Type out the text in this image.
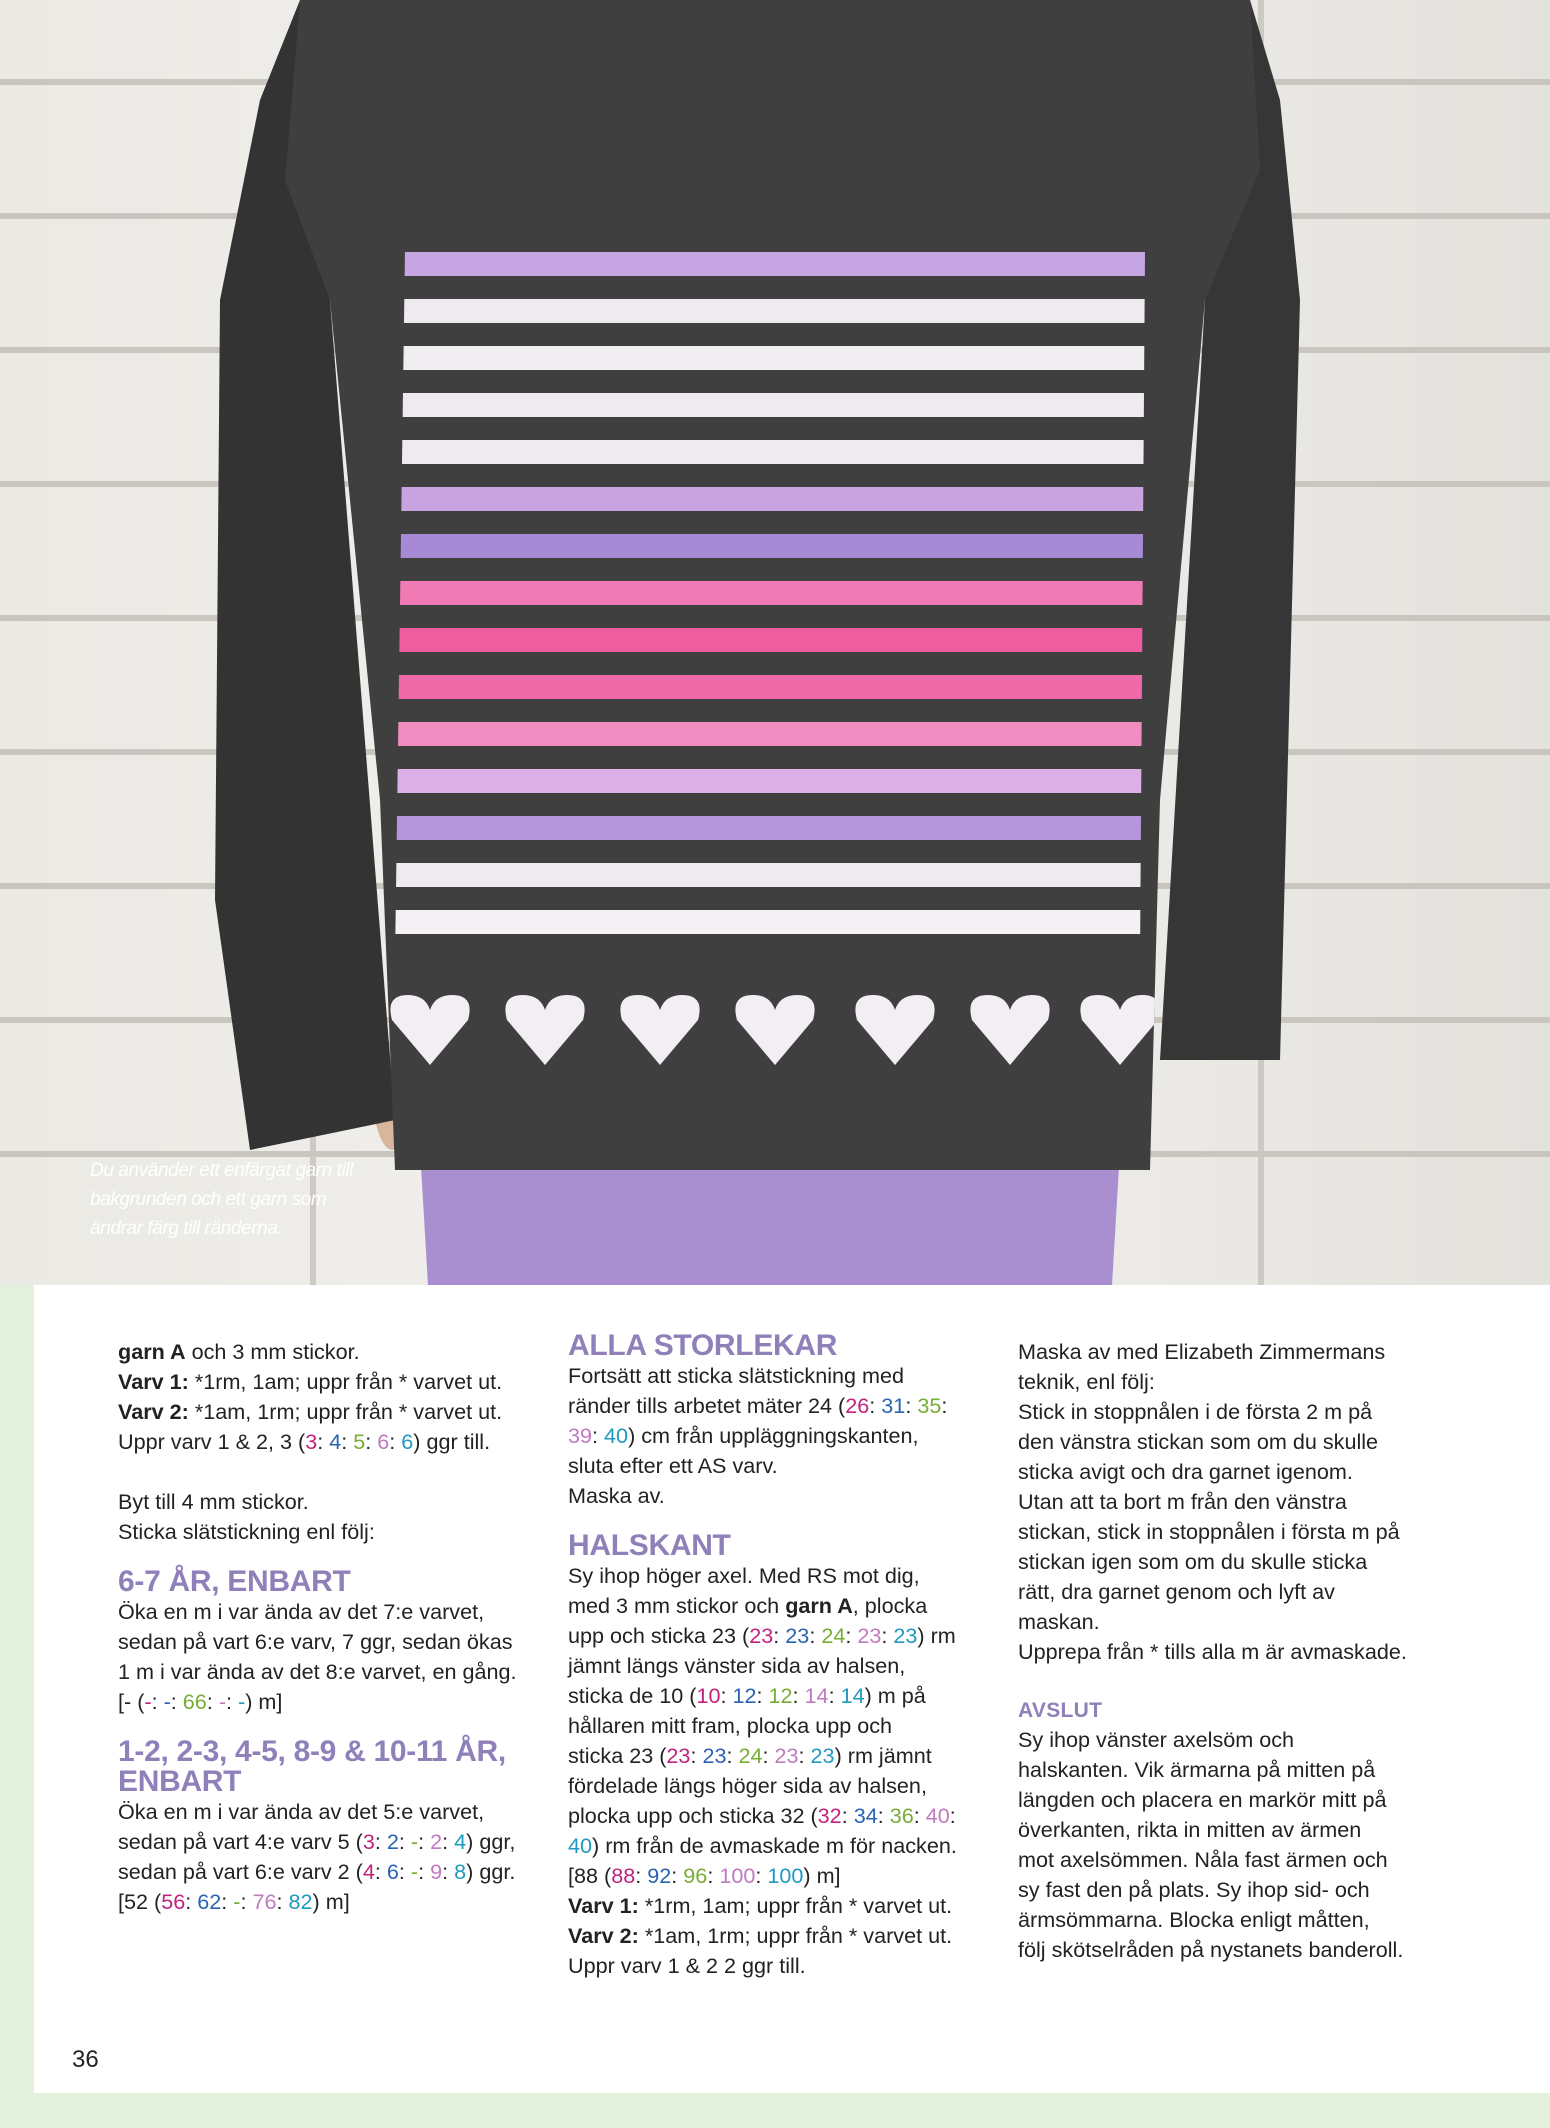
Du använder ett enfärgat garn till
bakgrunden och ett garn som
ändrar färg till ränderna.

garn A och 3 mm stickor.

Varv 1: *1rm, 1am; uppr från * varvet ut.

Varv 2: *1am, 1rm; uppr från * varvet ut.

Uppr varv 1 & 2, 3 (3: 4: 5: 6: 6) ggr till.

Byt till 4 mm stickor.

Sticka slätstickning enl följ:

6-7 ÅR, ENBART

Öka en m i var ända av det 7:e varvet,

sedan på vart 6:e varv, 7 ggr, sedan ökas

1 m i var ända av det 8:e varvet, en gång.

[- (-: -: 66: -: -) m]

1-2, 2-3, 4-5, 8-9 & 10-11 ÅR,

ENBART

Öka en m i var ända av det 5:e varvet,

sedan på vart 4:e varv 5 (3: 2: -: 2: 4) ggr,

sedan på vart 6:e varv 2 (4: 6: -: 9: 8) ggr.

[52 (56: 62: -: 76: 82) m]

ALLA STORLEKAR

Fortsätt att sticka slätstickning med

ränder tills arbetet mäter 24 (26: 31: 35:

39: 40) cm från uppläggningskanten,

sluta efter ett AS varv.

Maska av.

HALSKANT

Sy ihop höger axel. Med RS mot dig,

med 3 mm stickor och garn A, plocka

upp och sticka 23 (23: 23: 24: 23: 23) rm

jämnt längs vänster sida av halsen,

sticka de 10 (10: 12: 12: 14: 14) m på

hållaren mitt fram, plocka upp och

sticka 23 (23: 23: 24: 23: 23) rm jämnt

fördelade längs höger sida av halsen,

plocka upp och sticka 32 (32: 34: 36: 40:

40) rm från de avmaskade m för nacken.

[88 (88: 92: 96: 100: 100) m]

Varv 1: *1rm, 1am; uppr från * varvet ut.

Varv 2: *1am, 1rm; uppr från * varvet ut.

Uppr varv 1 & 2 2 ggr till.

Maska av med Elizabeth Zimmermans

teknik, enl följ:

Stick in stoppnålen i de första 2 m på

den vänstra stickan som om du skulle

sticka avigt och dra garnet igenom.

Utan att ta bort m från den vänstra

stickan, stick in stoppnålen i första m på

stickan igen som om du skulle sticka

rätt, dra garnet genom och lyft av

maskan.

Upprepa från * tills alla m är avmaskade.

AVSLUT

Sy ihop vänster axelsöm och

halskanten. Vik ärmarna på mitten på

längden och placera en markör mitt på

överkanten, rikta in mitten av ärmen

mot axelsömmen. Nåla fast ärmen och

sy fast den på plats. Sy ihop sid- och

ärmsömmarna. Blocka enligt måtten,

följ skötselråden på nystanets banderoll.

36
